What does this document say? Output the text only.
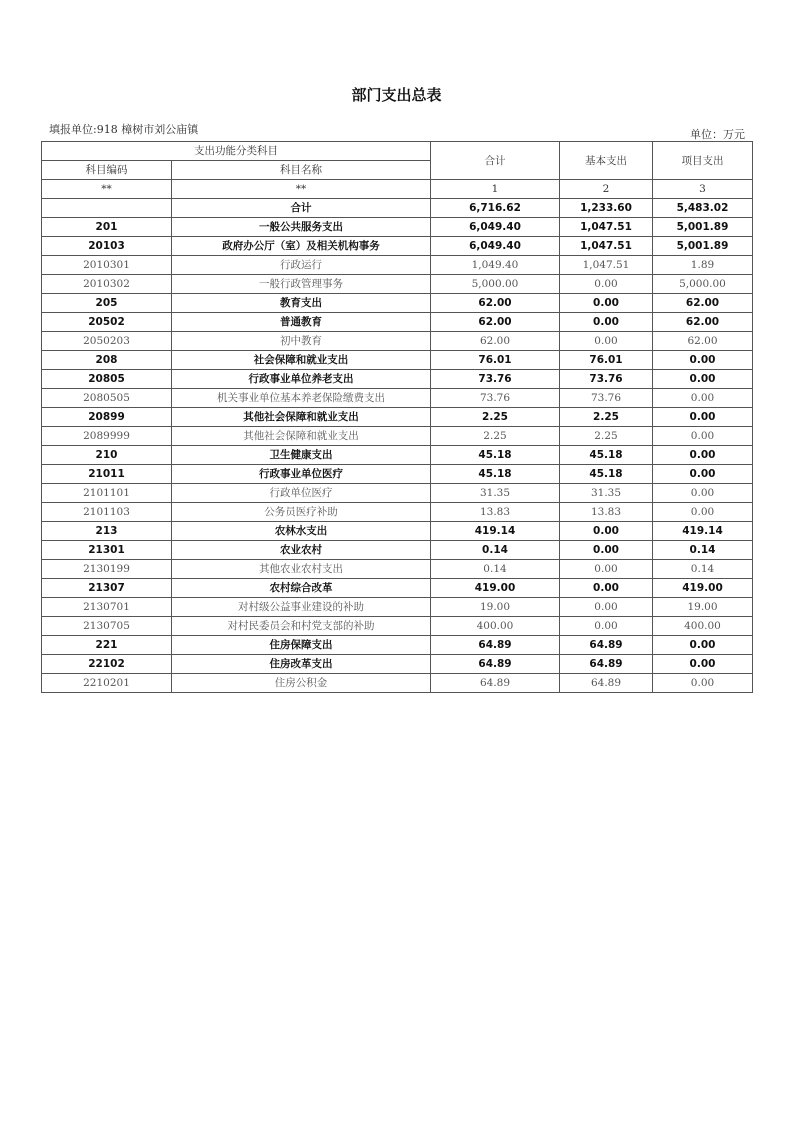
部门支出总表
填报单位:918 樟树市刘公庙镇	单位：万元
支出功能分类科目		合计	基本支出	项目支出
科目编码	科目名称			
**	**	1	2	3
	合计	6,716.62	1,233.60	5,483.02
201	一般公共服务支出	6,049.40	1,047.51	5,001.89
20103	政府办公厅（室）及相关机构事务	6,049.40	1,047.51	5,001.89
2010301	行政运行	1,049.40	1,047.51	1.89
2010302	一般行政管理事务	5,000.00	0.00	5,000.00
205	教育支出	62.00	0.00	62.00
20502	普通教育	62.00	0.00	62.00
2050203	初中教育	62.00	0.00	62.00
208	社会保障和就业支出	76.01	76.01	0.00
20805	行政事业单位养老支出	73.76	73.76	0.00
2080505	机关事业单位基本养老保险缴费支出	73.76	73.76	0.00
20899	其他社会保障和就业支出	2.25	2.25	0.00
2089999	其他社会保障和就业支出	2.25	2.25	0.00
210	卫生健康支出	45.18	45.18	0.00
21011	行政事业单位医疗	45.18	45.18	0.00
2101101	行政单位医疗	31.35	31.35	0.00
2101103	公务员医疗补助	13.83	13.83	0.00
213	农林水支出	419.14	0.00	419.14
21301	农业农村	0.14	0.00	0.14
2130199	其他农业农村支出	0.14	0.00	0.14
21307	农村综合改革	419.00	0.00	419.00
2130701	对村级公益事业建设的补助	19.00	0.00	19.00
2130705	对村民委员会和村党支部的补助	400.00	0.00	400.00
221	住房保障支出	64.89	64.89	0.00
22102	住房改革支出	64.89	64.89	0.00
2210201	住房公积金	64.89	64.89	0.00
